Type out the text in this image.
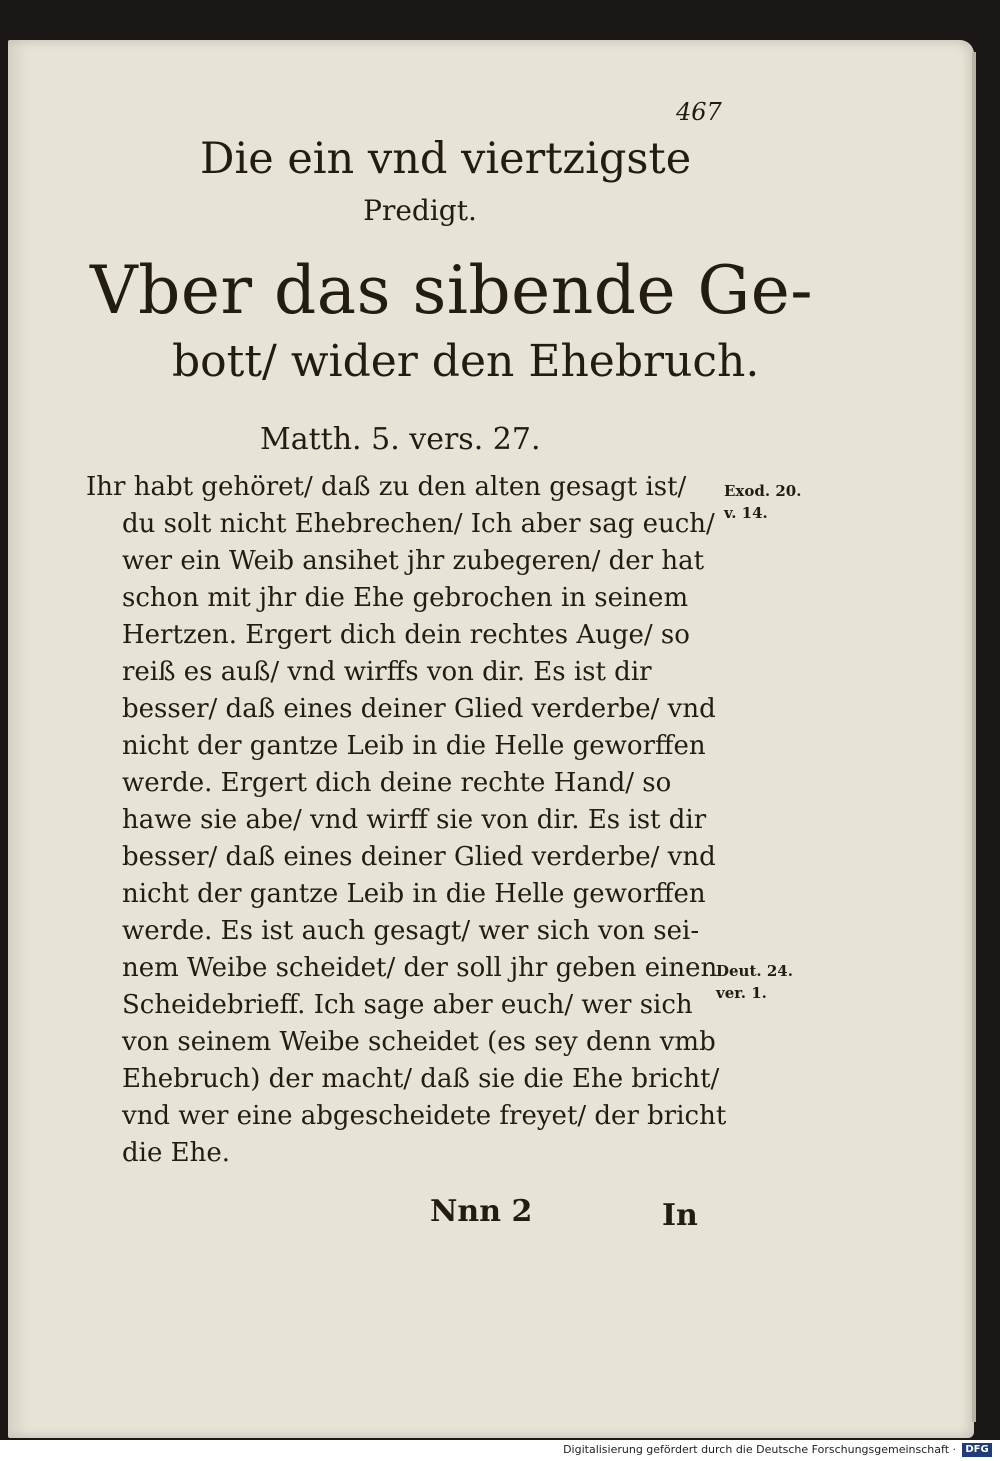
467
Die ein vnd viertzigste
Predigt.
Vber das sibende Ge-
bott/ wider den Ehebruch.
Matth. 5. vers. 27.
Ihr habt gehöret/ daß zu den alten gesagt ist/
du solt nicht Ehebrechen/ Ich aber sag euch/
wer ein Weib ansihet jhr zubegeren/ der hat
schon mit jhr die Ehe gebrochen in seinem
Hertzen. Ergert dich dein rechtes Auge/ so
reiß es auß/ vnd wirffs von dir. Es ist dir
besser/ daß eines deiner Glied verderbe/ vnd
nicht der gantze Leib in die Helle geworffen
werde. Ergert dich deine rechte Hand/ so
hawe sie abe/ vnd wirff sie von dir. Es ist dir
besser/ daß eines deiner Glied verderbe/ vnd
nicht der gantze Leib in die Helle geworffen
werde. Es ist auch gesagt/ wer sich von sei-
nem Weibe scheidet/ der soll jhr geben einen
Scheidebrieff. Ich sage aber euch/ wer sich
von seinem Weibe scheidet (es sey denn vmb
Ehebruch) der macht/ daß sie die Ehe bricht/
vnd wer eine abgescheidete freyet/ der bricht
die Ehe.
Exod. 20.
v. 14.
Deut. 24.
ver. 1.
Nnn 2	In
Digitalisierung gefördert durch die Deutsche Forschungsgemeinschaft · DFG
